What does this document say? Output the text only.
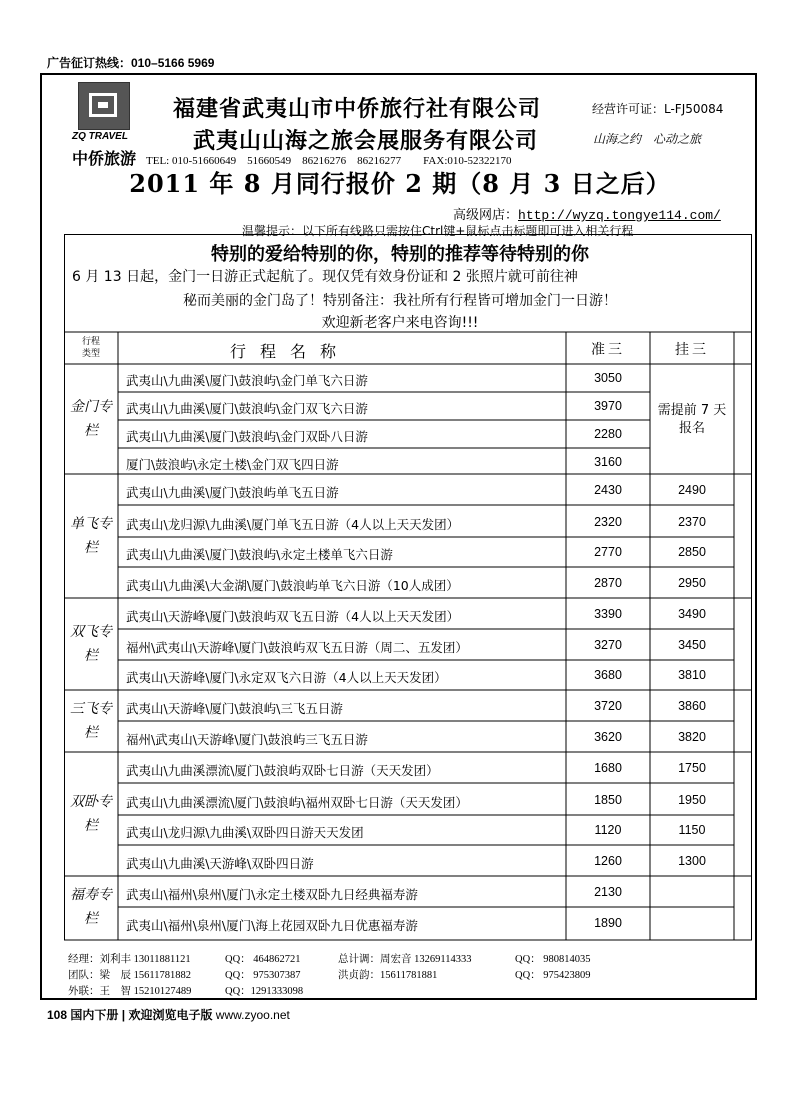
广告征订热线：010–5166 5969
ZQ TRAVEL
中侨旅游
福建省武夷山市中侨旅行社有限公司
武夷山山海之旅会展服务有限公司
经营许可证：L-FJ50084
山海之约　心动之旅
TEL: 010-51660649　51660549　86216276　86216277　　FAX:010-52322170
2011 年 8 月同行报价 2 期（8 月 3 日之后）
高级网店：http://wyzq.tongye114.com/
温馨提示：以下所有线路只需按住Ctrl键+鼠标点击标题即可进入相关行程
特别的爱给特别的你，特别的推荐等待特别的你
6 月 13 日起，金门一日游正式起航了。现仅凭有效身份证和 2 张照片就可前往神
秘而美丽的金门岛了！特别备注：我社所有行程皆可增加金门一日游！
欢迎新老客户来电咨询!!!
行程
类型	行程名称	准三	挂三
金门专栏
武夷山\九曲溪\厦门\鼓浪屿\金门单飞六日游	3050
武夷山\九曲溪\厦门\鼓浪屿\金门双飞六日游	3970
武夷山\九曲溪\厦门\鼓浪屿\金门双卧八日游	2280
厦门\鼓浪屿\永定土楼\金门双飞四日游	3160
需提前 7 天报名
单飞专栏
武夷山\九曲溪\厦门\鼓浪屿单飞五日游	2430	2490
武夷山\龙归源\九曲溪\厦门单飞五日游（4人以上天天发团）	2320	2370
武夷山\九曲溪\厦门\鼓浪屿\永定土楼单飞六日游	2770	2850
武夷山\九曲溪\大金湖\厦门\鼓浪屿单飞六日游（10人成团）	2870	2950
双飞专栏
武夷山\天游峰\厦门\鼓浪屿双飞五日游（4人以上天天发团）	3390	3490
福州\武夷山\天游峰\厦门\鼓浪屿双飞五日游（周二、五发团）	3270	3450
武夷山\天游峰\厦门\永定双飞六日游（4人以上天天发团）	3680	3810
三飞专栏
武夷山\天游峰\厦门\鼓浪屿\三飞五日游	3720	3860
福州\武夷山\天游峰\厦门\鼓浪屿三飞五日游	3620	3820
双卧专栏
武夷山\九曲溪漂流\厦门\鼓浪屿双卧七日游（天天发团）	1680	1750
武夷山\九曲溪漂流\厦门\鼓浪屿\福州双卧七日游（天天发团）	1850	1950
武夷山\龙归源\九曲溪\双卧四日游天天发团	1120	1150
武夷山\九曲溪\天游峰\双卧四日游	1260	1300
福寿专栏
武夷山\福州\泉州\厦门\永定土楼双卧九日经典福寿游	2130
武夷山\福州\泉州\厦门\海上花园双卧九日优惠福寿游	1890
经理：刘利丰 13011881121	QQ： 464862721	总计调：周宏音 13269114333	QQ： 980814035
团队：梁　辰 15611781882	QQ： 975307387	洪贞韵：15611781881	QQ： 975423809
外联：王　智 15210127489	QQ：1291333098
108 国内下册 | 欢迎浏览电子版 www.zyoo.net
